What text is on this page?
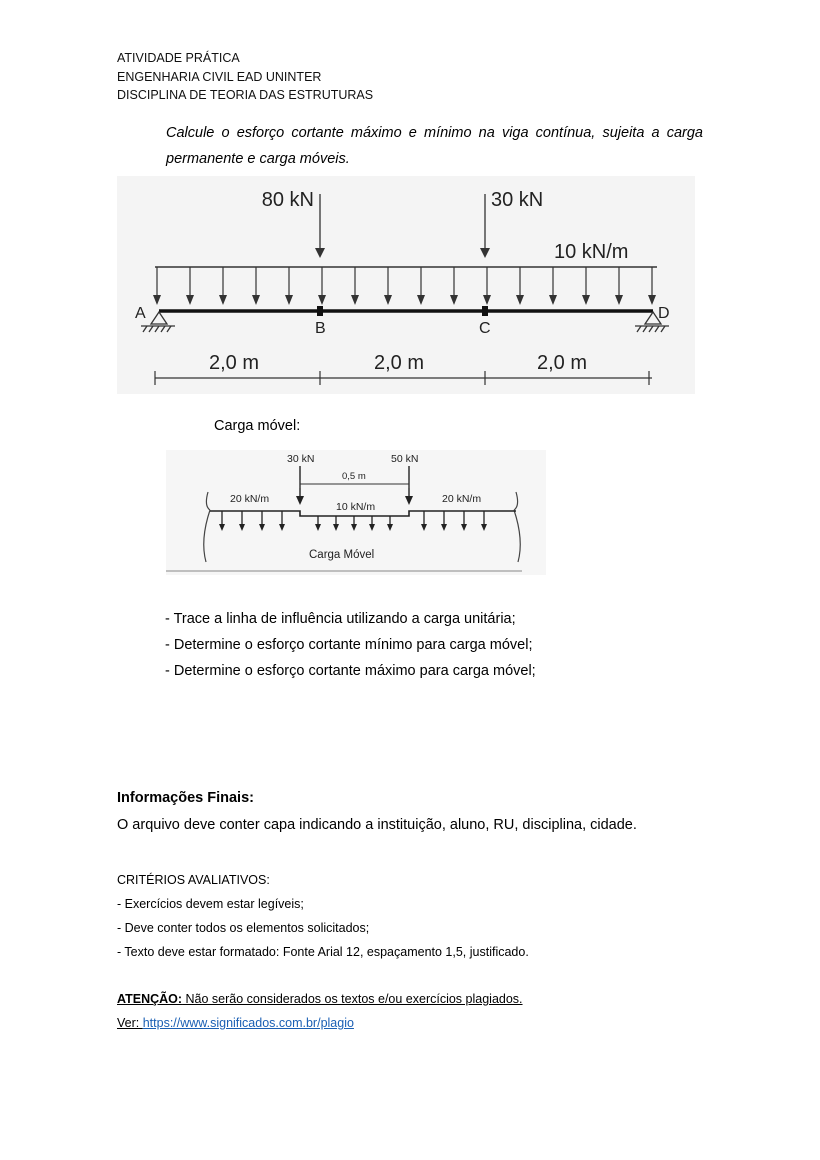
ATIVIDADE PRÁTICA
ENGENHARIA CIVIL EAD UNINTER
DISCIPLINA DE TEORIA DAS ESTRUTURAS
Calcule o esforço cortante máximo e mínimo na viga contínua, sujeita a carga permanente e carga móveis.
80 kN	30 kN
10 kN/m
A
B	C
D
2,0 m	2,0 m	2,0 m
Carga móvel:
30 kN	50 kN
0,5 m
20 kN/m
10 kN/m
20 kN/m
Carga Móvel
- Trace a linha de influência utilizando a carga unitária;
- Determine o esforço cortante mínimo para carga móvel;
- Determine o esforço cortante máximo para carga móvel;
Informações Finais:
O arquivo deve conter capa indicando a instituição, aluno, RU, disciplina, cidade.
CRITÉRIOS AVALIATIVOS:
- Exercícios devem estar legíveis;
- Deve conter todos os elementos solicitados;
- Texto deve estar formatado: Fonte Arial 12, espaçamento 1,5, justificado.
ATENÇÃO: Não serão considerados os textos e/ou exercícios plagiados.
Ver: https://www.significados.com.br/plagio
